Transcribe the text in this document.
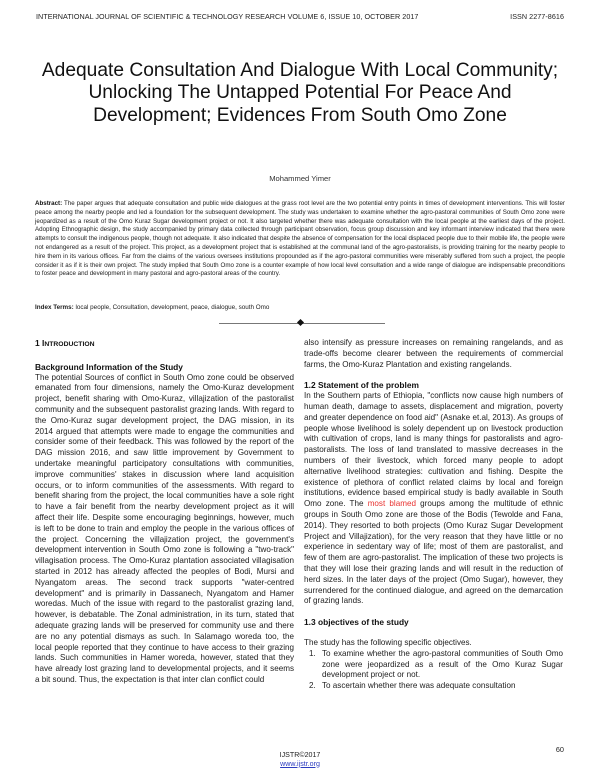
INTERNATIONAL JOURNAL OF SCIENTIFIC & TECHNOLOGY RESEARCH VOLUME 6, ISSUE 10, OCTOBER 2017	ISSN 2277-8616
Adequate Consultation And Dialogue With Local Community; Unlocking The Untapped Potential For Peace And Development; Evidences From South Omo Zone
Mohammed Yimer

Abstract: The paper argues that adequate consultation and public wide dialogues at the grass root level are the two potential entry points in times of development interventions. This will foster peace among the nearby people and led a foundation for the subsequent development. The study was undertaken to examine whether the agro-pastoral communities of South Omo zone were jeopardized as a result of the Omo Kuraz Sugar development project or not. It also targeted whether there was adequate consultation with the local people at the earliest days of the project. Adopting Ethnographic design, the study accompanied by primary data collected through participant observation, focus group discussion and key informant interview indicated that there were attempts to consult the indigenous people, though not adequate. It also indicated that despite the absence of compensation for the local displaced people due to their mobile life, the people were not endangered as a result of the project. This project, as a development project that is established at the communal land of the agro-pastoralists, is providing training for the nearby people to hire them in its various offices. Far from the claims of the various oversees institutions propounded as if the agro-pastoral communities were miserably suffered from such a project, the people consider it as if it is their own project. The study implied that South Omo zone is a counter example of how local level consultation and a wide range of dialogue are indispensable preconditions to foster peace and development in many pastoral and agro-pastoral areas of the country.

Index Terms: local people, Consultation, development, peace, dialogue, south Omo
1 INTRODUCTION
Background Information of the Study

The potential Sources of conflict in South Omo zone could be observed emanated from four dimensions, namely the Omo-Kuraz development project, benefit sharing with Omo-Kuraz, villajization of the pastoralist community and the subsequent pastoralist grazing lands. With regard to the Omo-Kuraz sugar development project, the DAG mission, in its 2014 argued that attempts were made to engage the communities and consider some of their feedback. This was followed by the report of the DAG mission 2016, and saw little improvement by Government to undertake meaningful participatory consultations with communities, improve communities' stakes in discussion where land acquisition occurs, or to inform communities of the assessments. With regard to benefit sharing from the project, the local communities have a sole right to have a fair benefit from the nearby development project as it will affect their life. Despite some encouraging beginnings, however, much is left to be done to train and employ the people in the various offices of the project. Concerning the villajization project, the government's development intervention in South Omo zone is following a "two-track" villagisation process. The Omo-Kuraz plantation associated villagisation started in 2012 has already affected the peoples of Bodi, Mursi and Nyangatom areas. The second track supports "water-centred development" and is primarily in Dassanech, Nyangatom and Hamer woredas. Much of the issue with regard to the pastoralist grazing land, however, is debatable. The Zonal administration, in its turn, stated that adequate grazing lands will be preserved for community use and there are no any potential dismays as such. In Salamago woreda too, the local people reported that they continue to have access to their grazing lands. Such communities in Hamer woreda, however, stated that they have already lost grazing land to developmental projects, and it seems a bit sound. Thus, the expectation is that inter clan conflict could

also intensify as pressure increases on remaining rangelands, and as trade-offs become clearer between the requirements of commercial farms, the Omo-Kuraz Plantation and existing rangelands.

1.2 Statement of the problem

In the Southern parts of Ethiopia, "conflicts now cause high numbers of human death, damage to assets, displacement and migration, poverty and greater dependence on food aid" (Asnake et.al, 2013). As groups of people whose livelihood is solely dependent up on livestock production with cultivation of crops, land is many things for pastoralists and agro-pastoralists. The loss of land translated to massive decreases in the numbers of their livestock, which forced many people to adopt alternative livelihood strategies: cultivation and fishing. Despite the existence of plethora of conflict related claims by local and foreign institutions, evidence based empirical study is badly available in South Omo zone. The most blamed groups among the multitude of ethnic groups in South Omo zone are those of the Bodis (Tewolde and Fana, 2014). They resorted to both projects (Omo Kuraz Sugar Development Project and Villajization), for the very reason that they have little or no experience in sedentary way of life; most of them are pastoralist, and few of them are agro-pastoralist. The implication of these two projects is that they will lose their grazing lands and will result in the reduction of herd sizes. In the later days of the project (Omo Sugar), however, they surrendered for the continued dialogue, and agreed on the demarcation of grazing lands.

1.3 objectives of the study

The study has the following specific objectives.

1. To examine whether the agro-pastoral communities of South Omo zone were jeopardized as a result of the Omo Kuraz Sugar development project or not.
2. To ascertain whether there was adequate consultation
60
IJSTR©2017
www.ijstr.org
